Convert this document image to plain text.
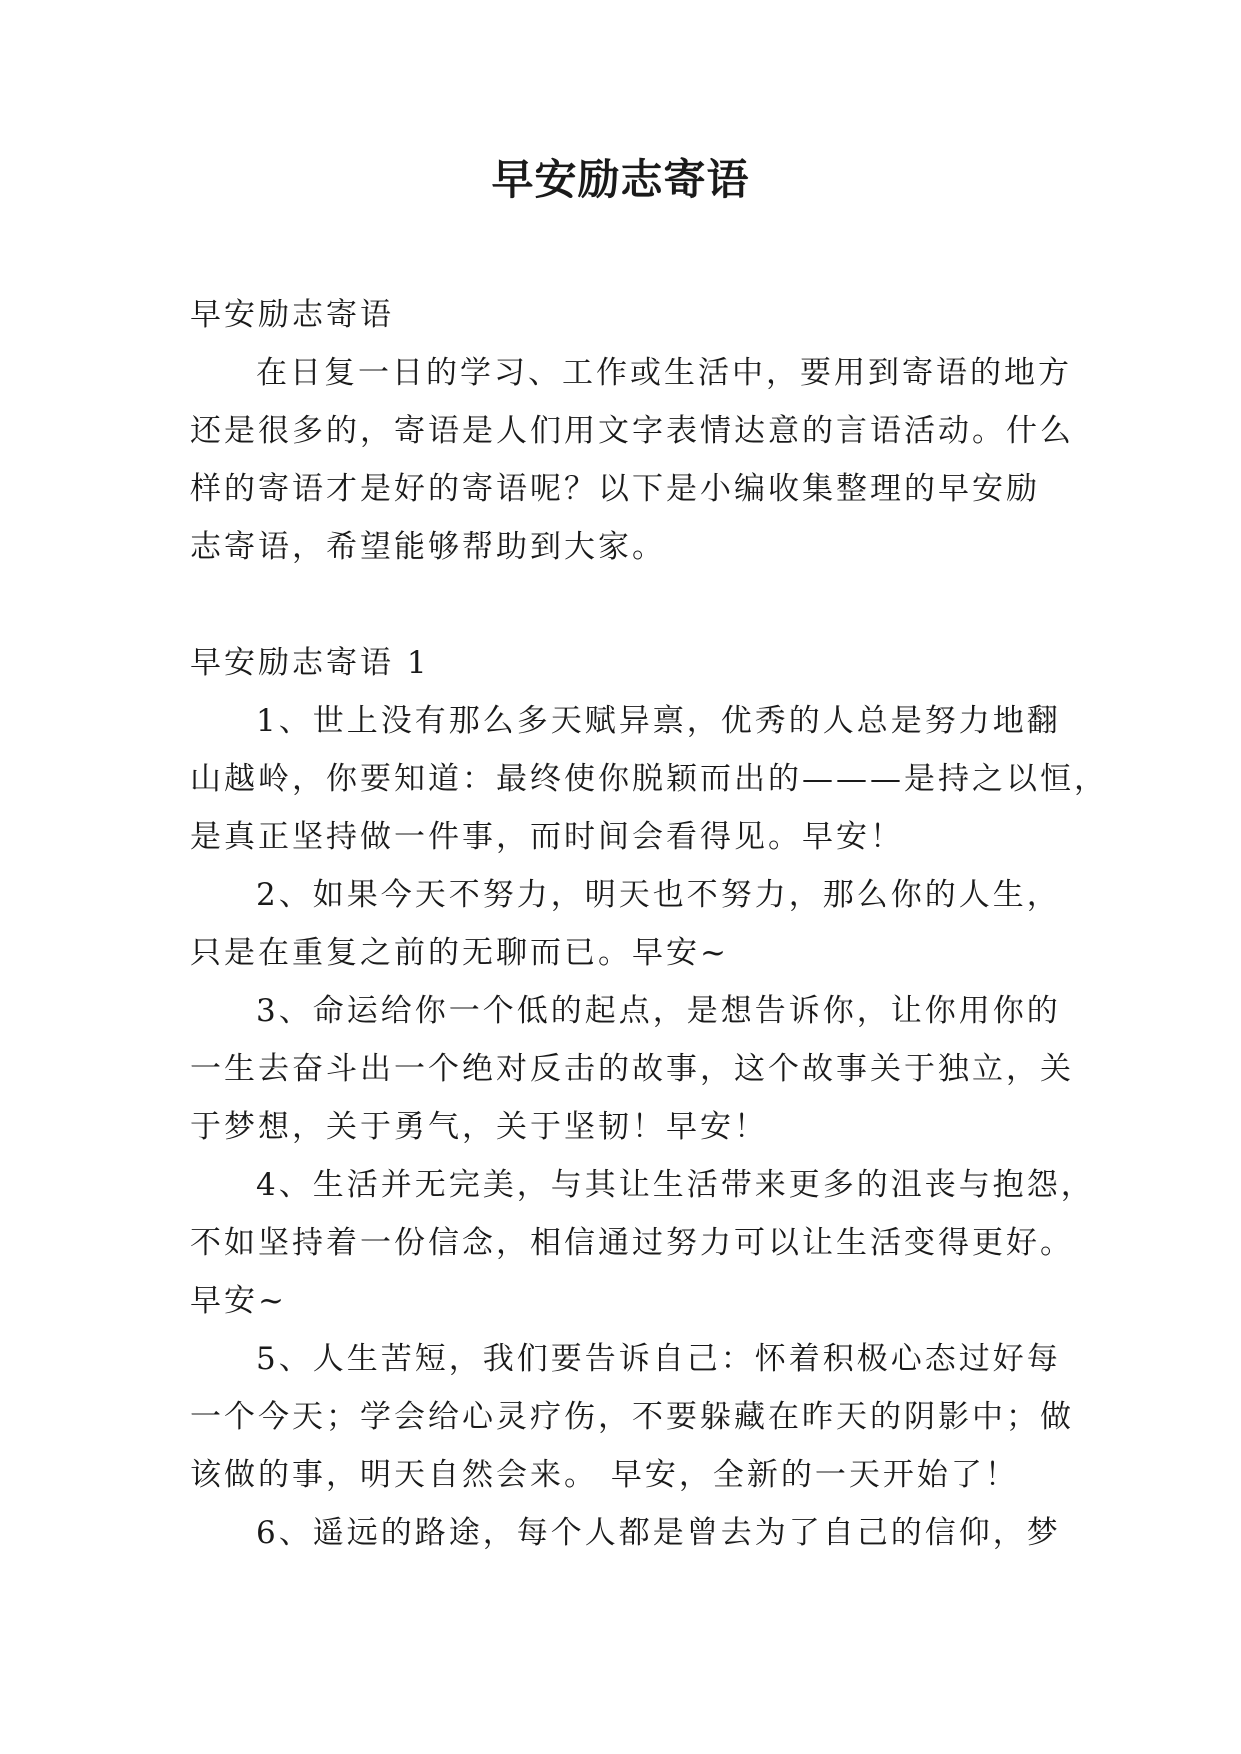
早安励志寄语
早安励志寄语
在日复一日的学习、工作或生活中，要用到寄语的地方
还是很多的，寄语是人们用文字表情达意的言语活动。什么
样的寄语才是好的寄语呢？以下是小编收集整理的早安励
志寄语，希望能够帮助到大家。
早安励志寄语 1
1、世上没有那么多天赋异禀，优秀的人总是努力地翻
山越岭，你要知道：最终使你脱颖而出的———是持之以恒，
是真正坚持做一件事，而时间会看得见。早安！
2、如果今天不努力，明天也不努力，那么你的人生，
只是在重复之前的无聊而已。早安~
3、命运给你一个低的起点，是想告诉你，让你用你的
一生去奋斗出一个绝对反击的故事，这个故事关于独立，关
于梦想，关于勇气，关于坚韧！早安！
4、生活并无完美，与其让生活带来更多的沮丧与抱怨，
不如坚持着一份信念，相信通过努力可以让生活变得更好。
早安~
5、人生苦短，我们要告诉自己：怀着积极心态过好每
一个今天；学会给心灵疗伤，不要躲藏在昨天的阴影中；做
该做的事，明天自然会来。 早安，全新的一天开始了！
6、遥远的路途，每个人都是曾去为了自己的信仰，梦
